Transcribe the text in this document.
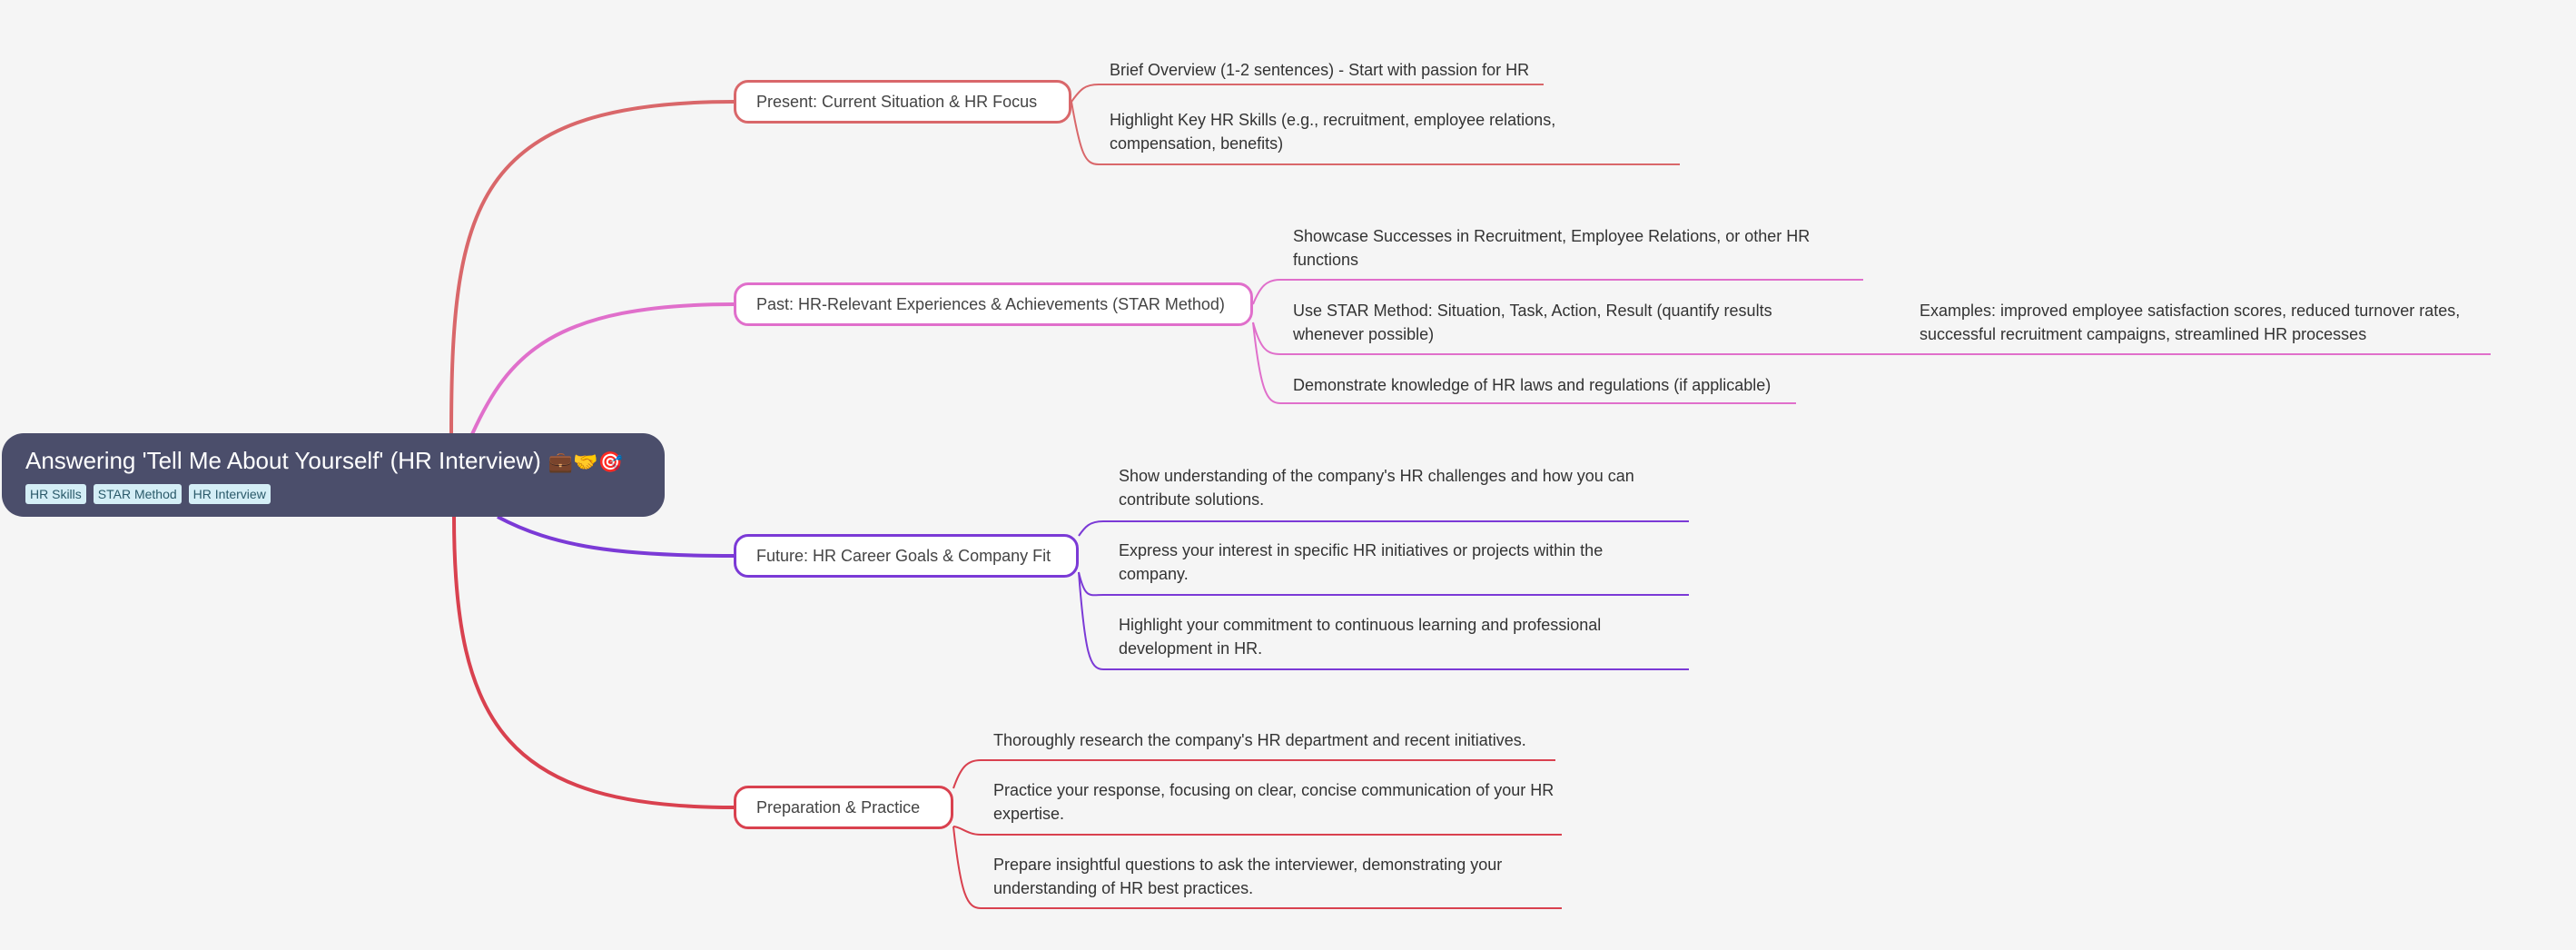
Answering 'Tell Me About Yourself' (HR Interview) 💼🤝🎯
HR Skills	STAR Method	HR Interview
Present: Current Situation & HR Focus
Brief Overview (1-2 sentences) - Start with passion for HR
Highlight Key HR Skills (e.g., recruitment, employee relations, compensation, benefits)
Past: HR-Relevant Experiences & Achievements (STAR Method)
Showcase Successes in Recruitment, Employee Relations, or other HR functions
Use STAR Method: Situation, Task, Action, Result (quantify results whenever possible)
Demonstrate knowledge of HR laws and regulations (if applicable)
Examples: improved employee satisfaction scores, reduced turnover rates, successful recruitment campaigns, streamlined HR processes
Future: HR Career Goals & Company Fit
Show understanding of the company's HR challenges and how you can contribute solutions.
Express your interest in specific HR initiatives or projects within the company.
Highlight your commitment to continuous learning and professional development in HR.
Preparation & Practice
Thoroughly research the company's HR department and recent initiatives.
Practice your response, focusing on clear, concise communication of your HR expertise.
Prepare insightful questions to ask the interviewer, demonstrating your understanding of HR best practices.
